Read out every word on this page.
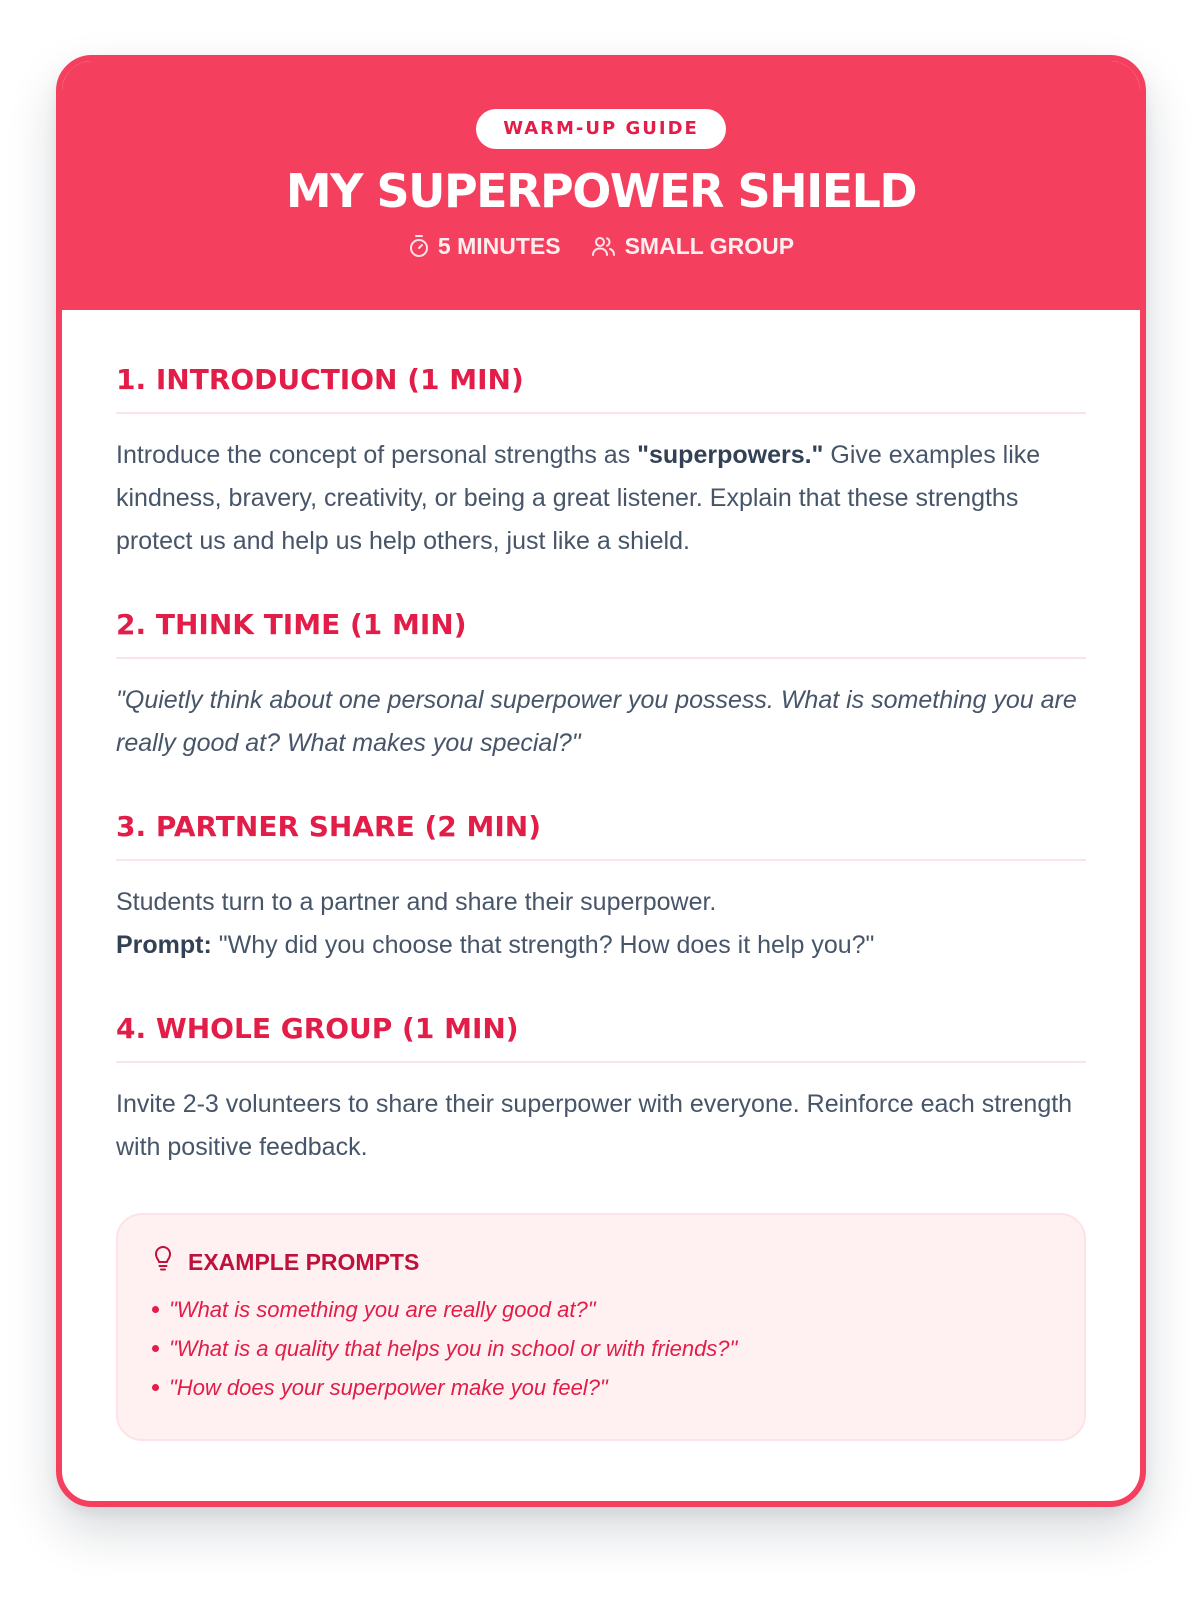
WARM-UP GUIDE
MY SUPERPOWER SHIELD
5 MINUTES	SMALL GROUP
1. INTRODUCTION (1 MIN)

Introduce the concept of personal strengths as "superpowers." Give examples like kindness, bravery, creativity, or being a great listener. Explain that these strengths protect us and help us help others, just like a shield.

2. THINK TIME (1 MIN)

"Quietly think about one personal superpower you possess. What is something you are really good at? What makes you special?"

3. PARTNER SHARE (2 MIN)

Students turn to a partner and share their superpower.
Prompt: "Why did you choose that strength? How does it help you?"

4. WHOLE GROUP (1 MIN)

Invite 2-3 volunteers to share their superpower with everyone. Reinforce each strength with positive feedback.

EXAMPLE PROMPTS
"What is something you are really good at?"
"What is a quality that helps you in school or with friends?"
"How does your superpower make you feel?"
